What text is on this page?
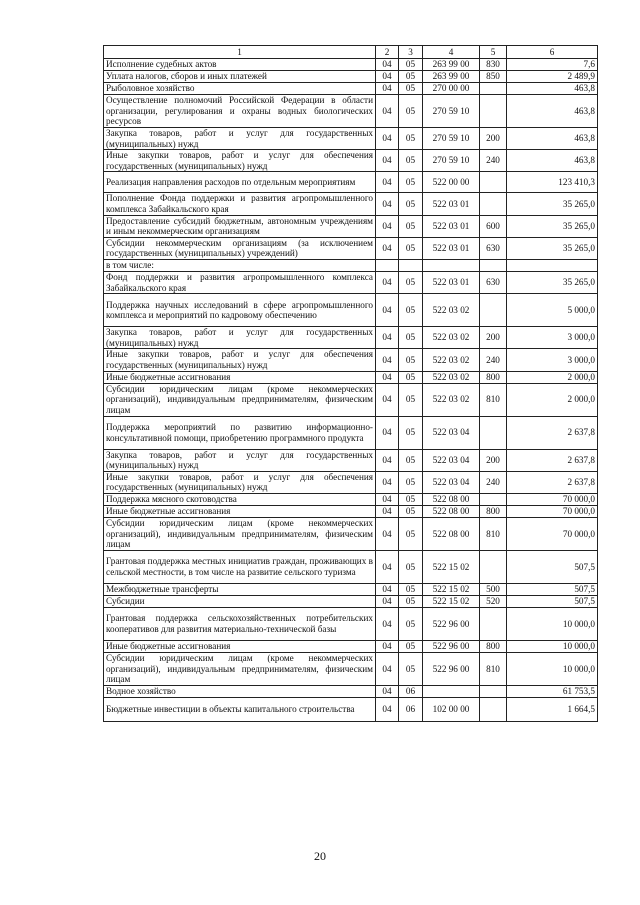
1	2	3	4	5	6
Исполнение судебных актов	04	05	263 99 00	830	7,6
Уплата налогов, сборов и иных платежей	04	05	263 99 00	850	2 489,9
Рыболовное хозяйство	04	05	270 00 00		463,8
Осуществление полномочий Российской Федерации в области организации, регулирования и охраны водных биологических ресурсов	04	05	270 59 10		463,8
Закупка товаров, работ и услуг для государственных (муниципальных) нужд	04	05	270 59 10	200	463,8
Иные закупки товаров, работ и услуг для обеспечения государственных (муниципальных) нужд	04	05	270 59 10	240	463,8
Реализация направления расходов по отдельным мероприятиям	04	05	522 00 00		123 410,3
Пополнение Фонда поддержки и развития агропромышленного комплекса Забайкальского края	04	05	522 03 01		35 265,0
Предоставление субсидий бюджетным, автономным учреждениям и иным некоммерческим организациям	04	05	522 03 01	600	35 265,0
Субсидии некоммерческим организациям (за исключением государственных (муниципальных) учреждений)	04	05	522 03 01	630	35 265,0
в том числе:					
Фонд поддержки и развития агропромышленного комплекса Забайкальского края	04	05	522 03 01	630	35 265,0
Поддержка научных исследований в сфере агропромышленного комплекса и мероприятий по кадровому обеспечению	04	05	522 03 02		5 000,0
Закупка товаров, работ и услуг для государственных (муниципальных) нужд	04	05	522 03 02	200	3 000,0
Иные закупки товаров, работ и услуг для обеспечения государственных (муниципальных) нужд	04	05	522 03 02	240	3 000,0
Иные бюджетные ассигнования	04	05	522 03 02	800	2 000,0
Субсидии юридическим лицам (кроме некоммерческих организаций), индивидуальным предпринимателям, физическим лицам	04	05	522 03 02	810	2 000,0
Поддержка мероприятий по развитию информационно-консультативной помощи, приобретению программного продукта	04	05	522 03 04		2 637,8
Закупка товаров, работ и услуг для государственных (муниципальных) нужд	04	05	522 03 04	200	2 637,8
Иные закупки товаров, работ и услуг для обеспечения государственных (муниципальных) нужд	04	05	522 03 04	240	2 637,8
Поддержка мясного скотоводства	04	05	522 08 00		70 000,0
Иные бюджетные ассигнования	04	05	522 08 00	800	70 000,0
Субсидии юридическим лицам (кроме некоммерческих организаций), индивидуальным предпринимателям, физическим лицам	04	05	522 08 00	810	70 000,0
Грантовая поддержка местных инициатив граждан, проживающих в сельской местности, в том числе на развитие сельского туризма	04	05	522 15 02		507,5
Межбюджетные трансферты	04	05	522 15 02	500	507,5
Субсидии	04	05	522 15 02	520	507,5
Грантовая поддержка сельскохозяйственных потребительских кооперативов для развития материально-технической базы	04	05	522 96 00		10 000,0
Иные бюджетные ассигнования	04	05	522 96 00	800	10 000,0
Субсидии юридическим лицам (кроме некоммерческих организаций), индивидуальным предпринимателям, физическим лицам	04	05	522 96 00	810	10 000,0
Водное хозяйство	04	06			61 753,5
Бюджетные инвестиции в объекты капитального строительства	04	06	102 00 00		1 664,5
20
